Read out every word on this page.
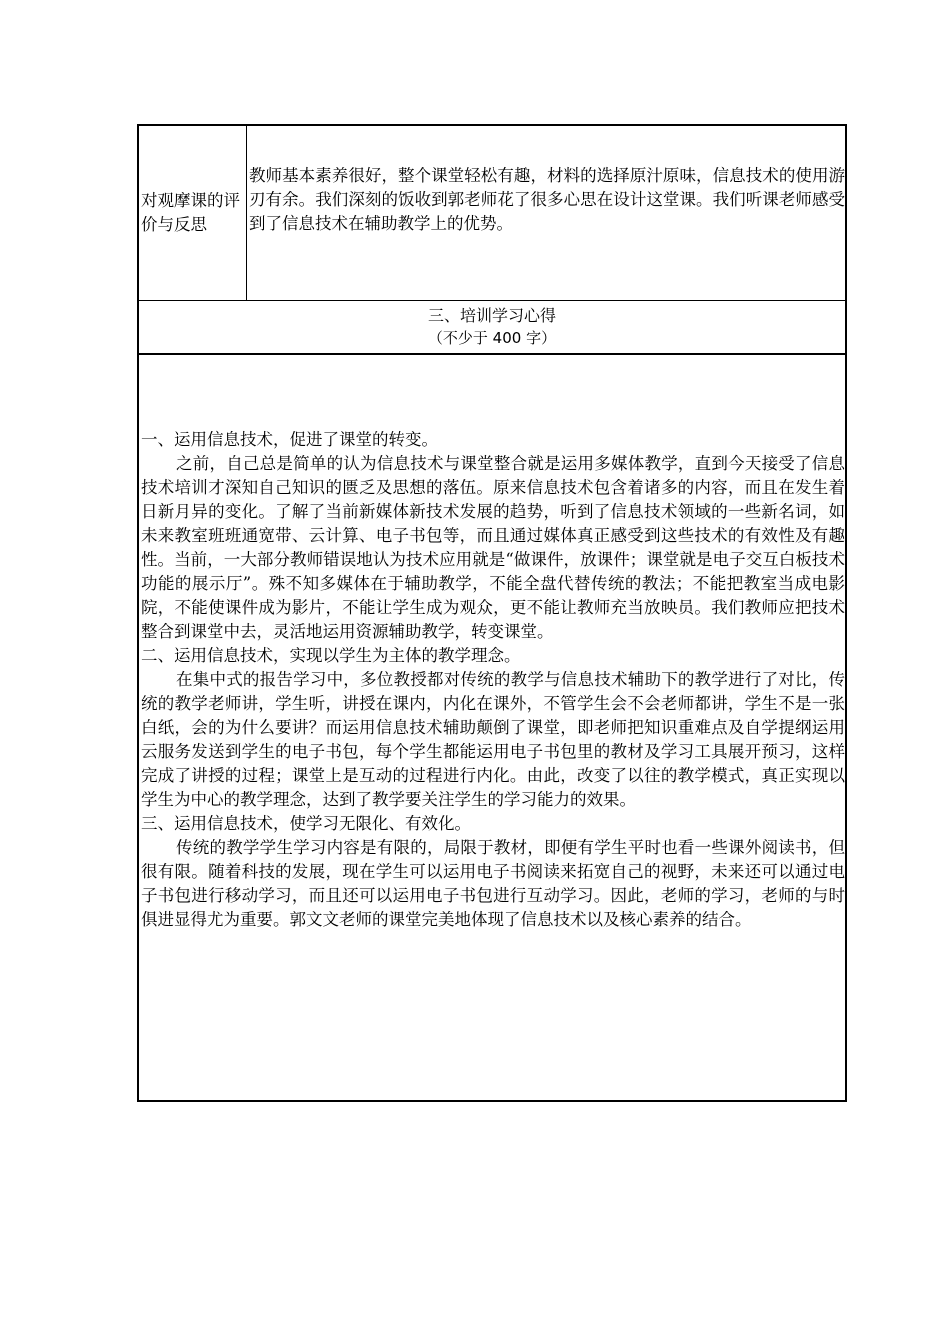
对观摩课的评价与反思
教师基本素养很好，整个课堂轻松有趣，材料的选择原汁原味，信息技术的使用游刃有余。我们深刻的饭收到郭老师花了很多心思在设计这堂课。我们听课老师感受到了信息技术在辅助教学上的优势。
三、培训学习心得
（不少于 400 字）

一、运用信息技术，促进了课堂的转变。

之前，自己总是简单的认为信息技术与课堂整合就是运用多媒体教学，直到今天接受了信息技术培训才深知自己知识的匮乏及思想的落伍。原来信息技术包含着诸多的内容，而且在发生着日新月异的变化。了解了当前新媒体新技术发展的趋势，听到了信息技术领域的一些新名词，如未来教室班班通宽带、云计算、电子书包等，而且通过媒体真正感受到这些技术的有效性及有趣性。当前，一大部分教师错误地认为技术应用就是“做课件，放课件；课堂就是电子交互白板技术功能的展示厅”。殊不知多媒体在于辅助教学，不能全盘代替传统的教法；不能把教室当成电影院，不能使课件成为影片，不能让学生成为观众，更不能让教师充当放映员。我们教师应把技术整合到课堂中去，灵活地运用资源辅助教学，转变课堂。

二、运用信息技术，实现以学生为主体的教学理念。

在集中式的报告学习中，多位教授都对传统的教学与信息技术辅助下的教学进行了对比，传统的教学老师讲，学生听，讲授在课内，内化在课外，不管学生会不会老师都讲，学生不是一张白纸，会的为什么要讲？而运用信息技术辅助颠倒了课堂，即老师把知识重难点及自学提纲运用云服务发送到学生的电子书包，每个学生都能运用电子书包里的教材及学习工具展开预习，这样完成了讲授的过程；课堂上是互动的过程进行内化。由此，改变了以往的教学模式，真正实现以学生为中心的教学理念，达到了教学要关注学生的学习能力的效果。

三、运用信息技术，使学习无限化、有效化。

传统的教学学生学习内容是有限的，局限于教材，即便有学生平时也看一些课外阅读书，但很有限。随着科技的发展，现在学生可以运用电子书阅读来拓宽自己的视野，未来还可以通过电子书包进行移动学习，而且还可以运用电子书包进行互动学习。因此，老师的学习，老师的与时俱进显得尤为重要。郭文文老师的课堂完美地体现了信息技术以及核心素养的结合。
